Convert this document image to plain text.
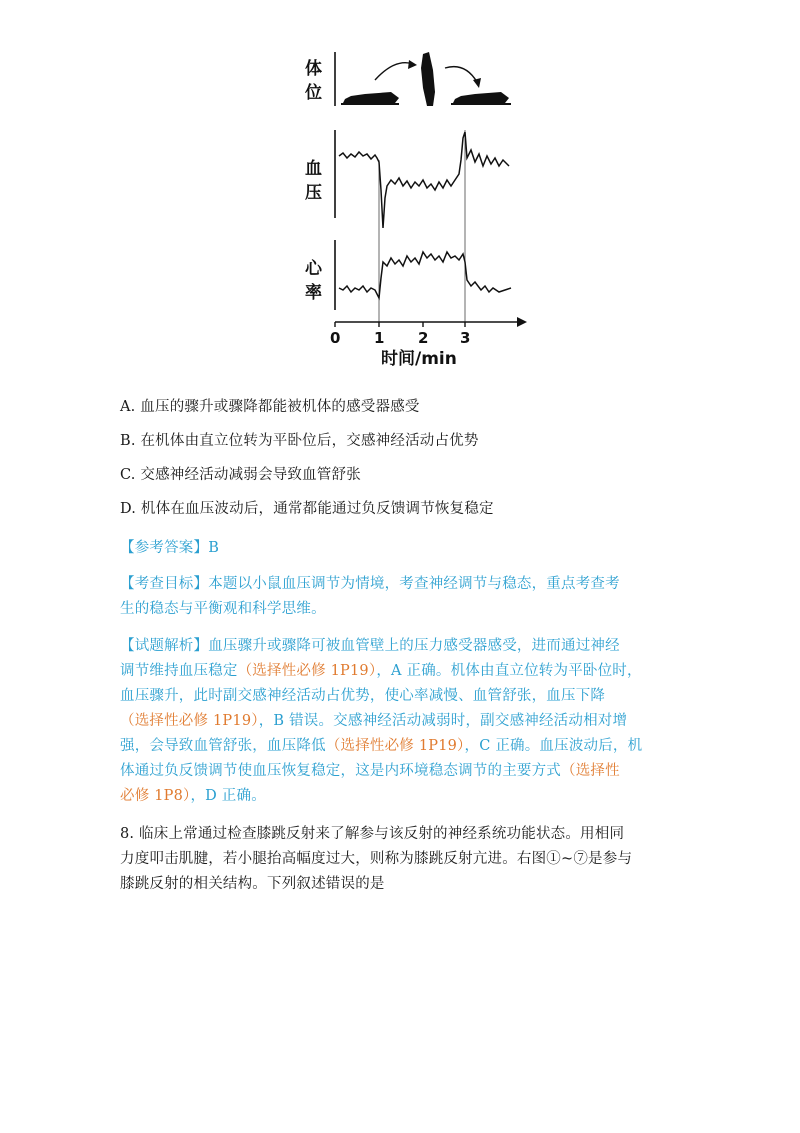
体
位
血
压
心
率
0 1 2 3
时间/min
A. 血压的骤升或骤降都能被机体的感受器感受
B. 在机体由直立位转为平卧位后，交感神经活动占优势
C. 交感神经活动减弱会导致血管舒张
D. 机体在血压波动后，通常都能通过负反馈调节恢复稳定
【参考答案】B
【考查目标】本题以小鼠血压调节为情境，考查神经调节与稳态，重点考查考
生的稳态与平衡观和科学思维。
【试题解析】血压骤升或骤降可被血管壁上的压力感受器感受，进而通过神经
调节维持血压稳定（选择性必修 1P19），A 正确。机体由直立位转为平卧位时，
血压骤升，此时副交感神经活动占优势，使心率减慢、血管舒张，血压下降
（选择性必修 1P19），B 错误。交感神经活动减弱时，副交感神经活动相对增
强，会导致血管舒张，血压降低（选择性必修 1P19），C 正确。血压波动后，机
体通过负反馈调节使血压恢复稳定，这是内环境稳态调节的主要方式（选择性
必修 1P8），D 正确。
8. 临床上常通过检查膝跳反射来了解参与该反射的神经系统功能状态。用相同
力度叩击肌腱，若小腿抬高幅度过大，则称为膝跳反射亢进。右图①~⑦是参与
膝跳反射的相关结构。下列叙述错误的是
